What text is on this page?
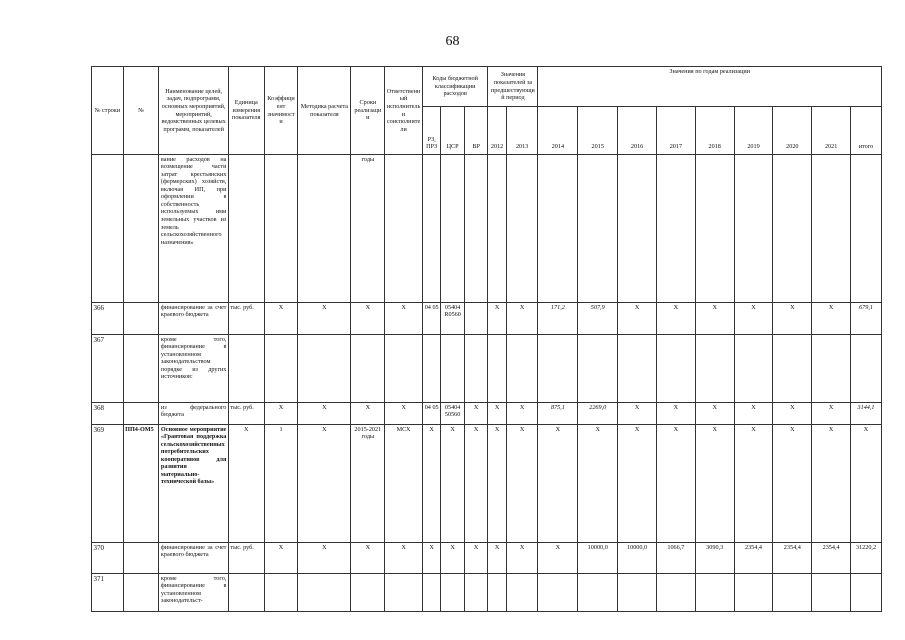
68
№ строки	№	Наименование целей, задач, подпрограмм, основных мероприятий, мероприятий, ведомственных целевых программ, показателей	Единица измерения показателя	Коэффициент значимости	Методика расчета показателя	Сроки реализации	Ответственный исполнитель и соисполнители	Коды бюджетной классификации расходов			Значения показателей за предшествующий период		Значения по годам реализации								
								РЗ, ПРЗ	ЦСР	ВР	2012	2013	2014	2015	2016	2017	2018	2019	2020	2021	итого
		вание расходов на возмещение части затрат крестьянских (фермерских) хозяйств, включая ИП, при оформлении в собственность используемых ими земельных участков из земель сельскохозяйственного назначения»				годы															
366		финансирование за счет краевого бюджета	тыс. руб.	X	X	X	X	04 05	05404 R0560		X	X	171,2	507,9	X	X	X	X	X	X	679,1
367		кроме того, финансирование в установленном законодательством порядке из других источников:																			
368		из федерального бюджета	тыс. руб.	X	X	X	X	04 05	05404 50560	X	X	X	875,1	2269,0	X	X	X	X	X	X	3144,1
369	ПП4-ОМ5	Основное мероприятие «Грантовая поддержка сельскохозяйственных потребительских кооперативов для развития материально-технической базы»	X	1	X	2015-2021 годы	МСХ	X	X	X	X	X	X	X	X	X	X	X	X	X	X
370		финансирование за счет краевого бюджета	тыс. руб.	X	X	X	X	X	X	X	X	X	X	10000,0	10000,0	1066,7	3090,3	2354,4	2354,4	2354,4	31220,2
371		кроме того, финансирование в установленном законодательст-																			
